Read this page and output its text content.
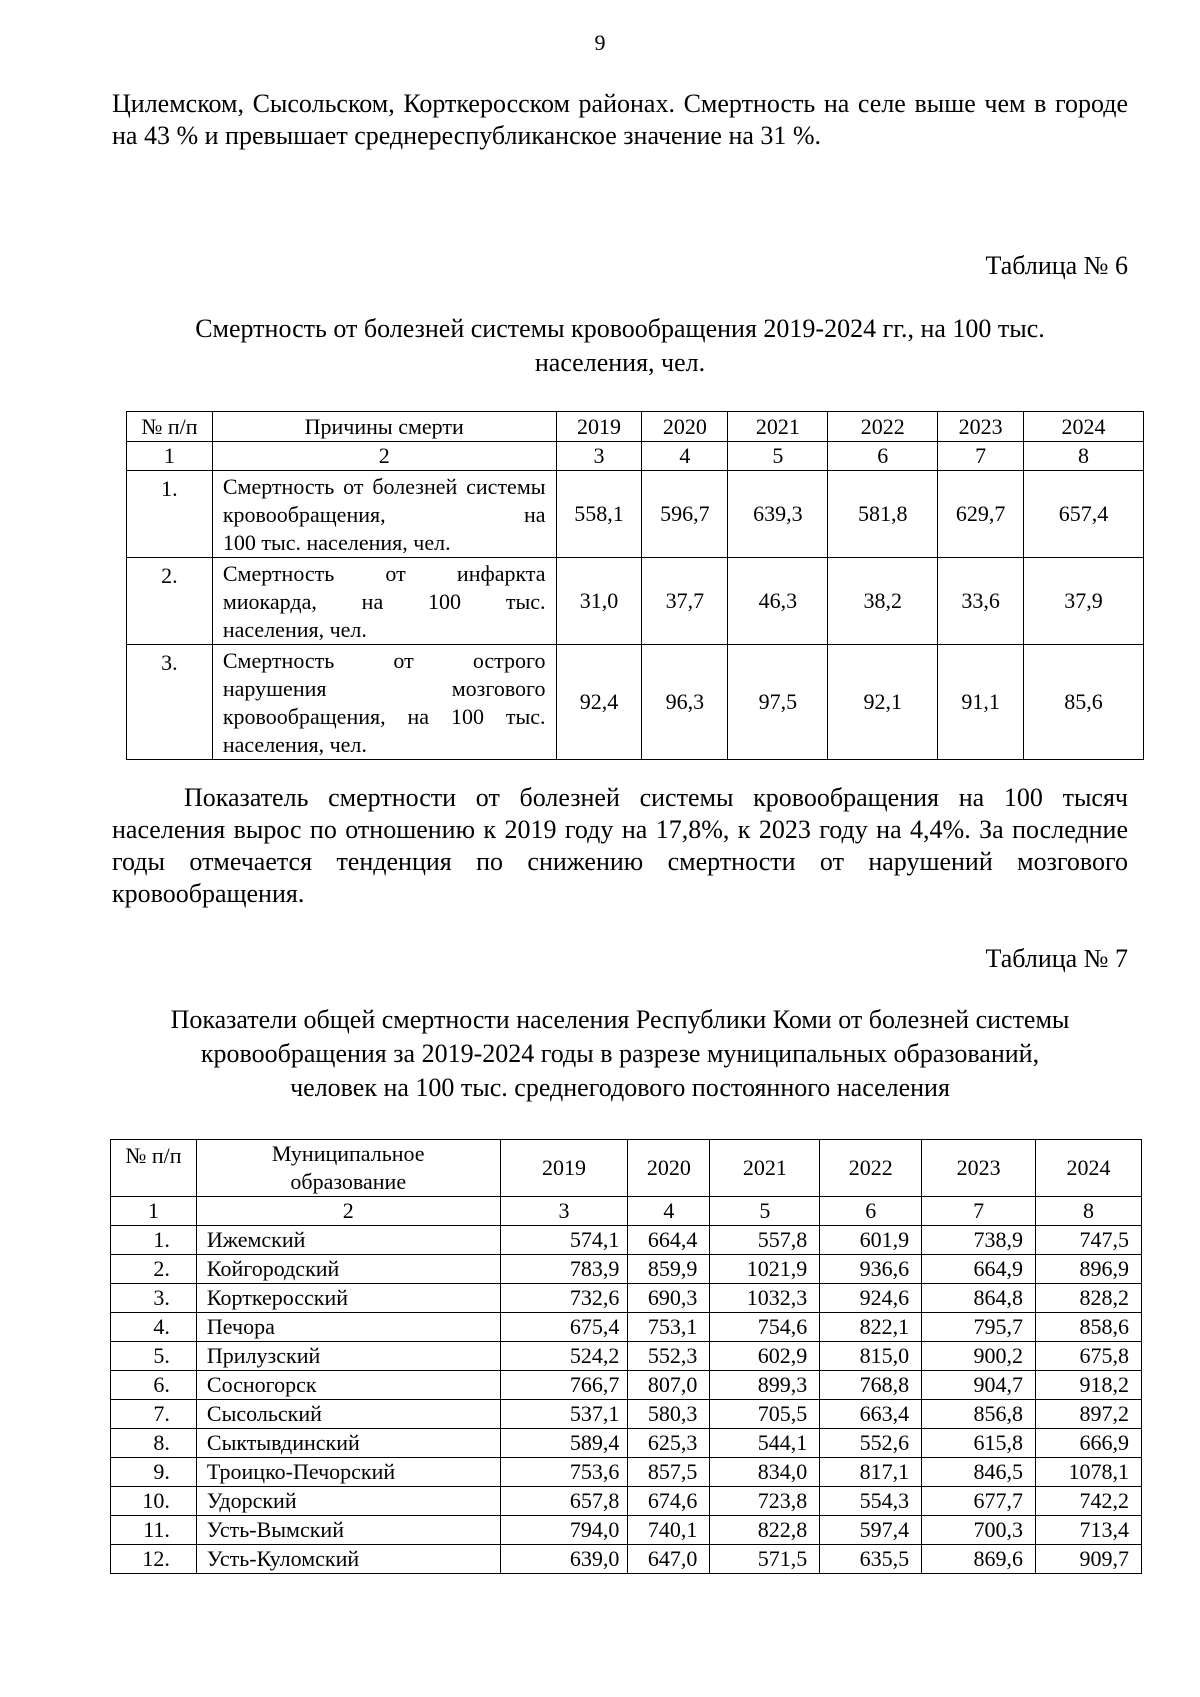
9
Цилемском, Сысольском, Корткеросском районах. Смертность на селе выше чем в городе на 43 % и превышает среднереспубликанское значение на 31 %.
Таблица № 6
Смертность от болезней системы кровообращения 2019-2024 гг., на 100 тыс.
населения, чел.
№ п/п	Причины смерти	2019	2020	2021	2022	2023	2024
1	2	3	4	5	6	7	8
1.	Смертность от болезней системы кровообращения, на
100 тыс. населения, чел.	558,1	596,7	639,3	581,8	629,7	657,4
2.	Смертность от инфаркта миокарда, на 100 тыс.
населения, чел.	31,0	37,7	46,3	38,2	33,6	37,9
3.	Смертность от острого нарушения мозгового кровообращения, на 100 тыс.
населения, чел.	92,4	96,3	97,5	92,1	91,1	85,6
Показатель смертности от болезней системы кровообращения на 100 тысяч населения вырос по отношению к 2019 году на 17,8%, к 2023 году на 4,4%. За последние годы отмечается тенденция по снижению смертности от нарушений мозгового кровообращения.
Таблица № 7
Показатели общей смертности населения Республики Коми от болезней системы
кровообращения за 2019-2024 годы в разрезе муниципальных образований,
человек на 100 тыс. среднегодового постоянного населения
№ п/п	Муниципальное
образование	2019	2020	2021	2022	2023	2024
1	2	3	4	5	6	7	8
1.	Ижемский	574,1	664,4	557,8	601,9	738,9	747,5
2.	Койгородский	783,9	859,9	1021,9	936,6	664,9	896,9
3.	Корткеросский	732,6	690,3	1032,3	924,6	864,8	828,2
4.	Печора	675,4	753,1	754,6	822,1	795,7	858,6
5.	Прилузский	524,2	552,3	602,9	815,0	900,2	675,8
6.	Сосногорск	766,7	807,0	899,3	768,8	904,7	918,2
7.	Сысольский	537,1	580,3	705,5	663,4	856,8	897,2
8.	Сыктывдинский	589,4	625,3	544,1	552,6	615,8	666,9
9.	Троицко-Печорский	753,6	857,5	834,0	817,1	846,5	1078,1
10.	Удорский	657,8	674,6	723,8	554,3	677,7	742,2
11.	Усть-Вымский	794,0	740,1	822,8	597,4	700,3	713,4
12.	Усть-Куломский	639,0	647,0	571,5	635,5	869,6	909,7
